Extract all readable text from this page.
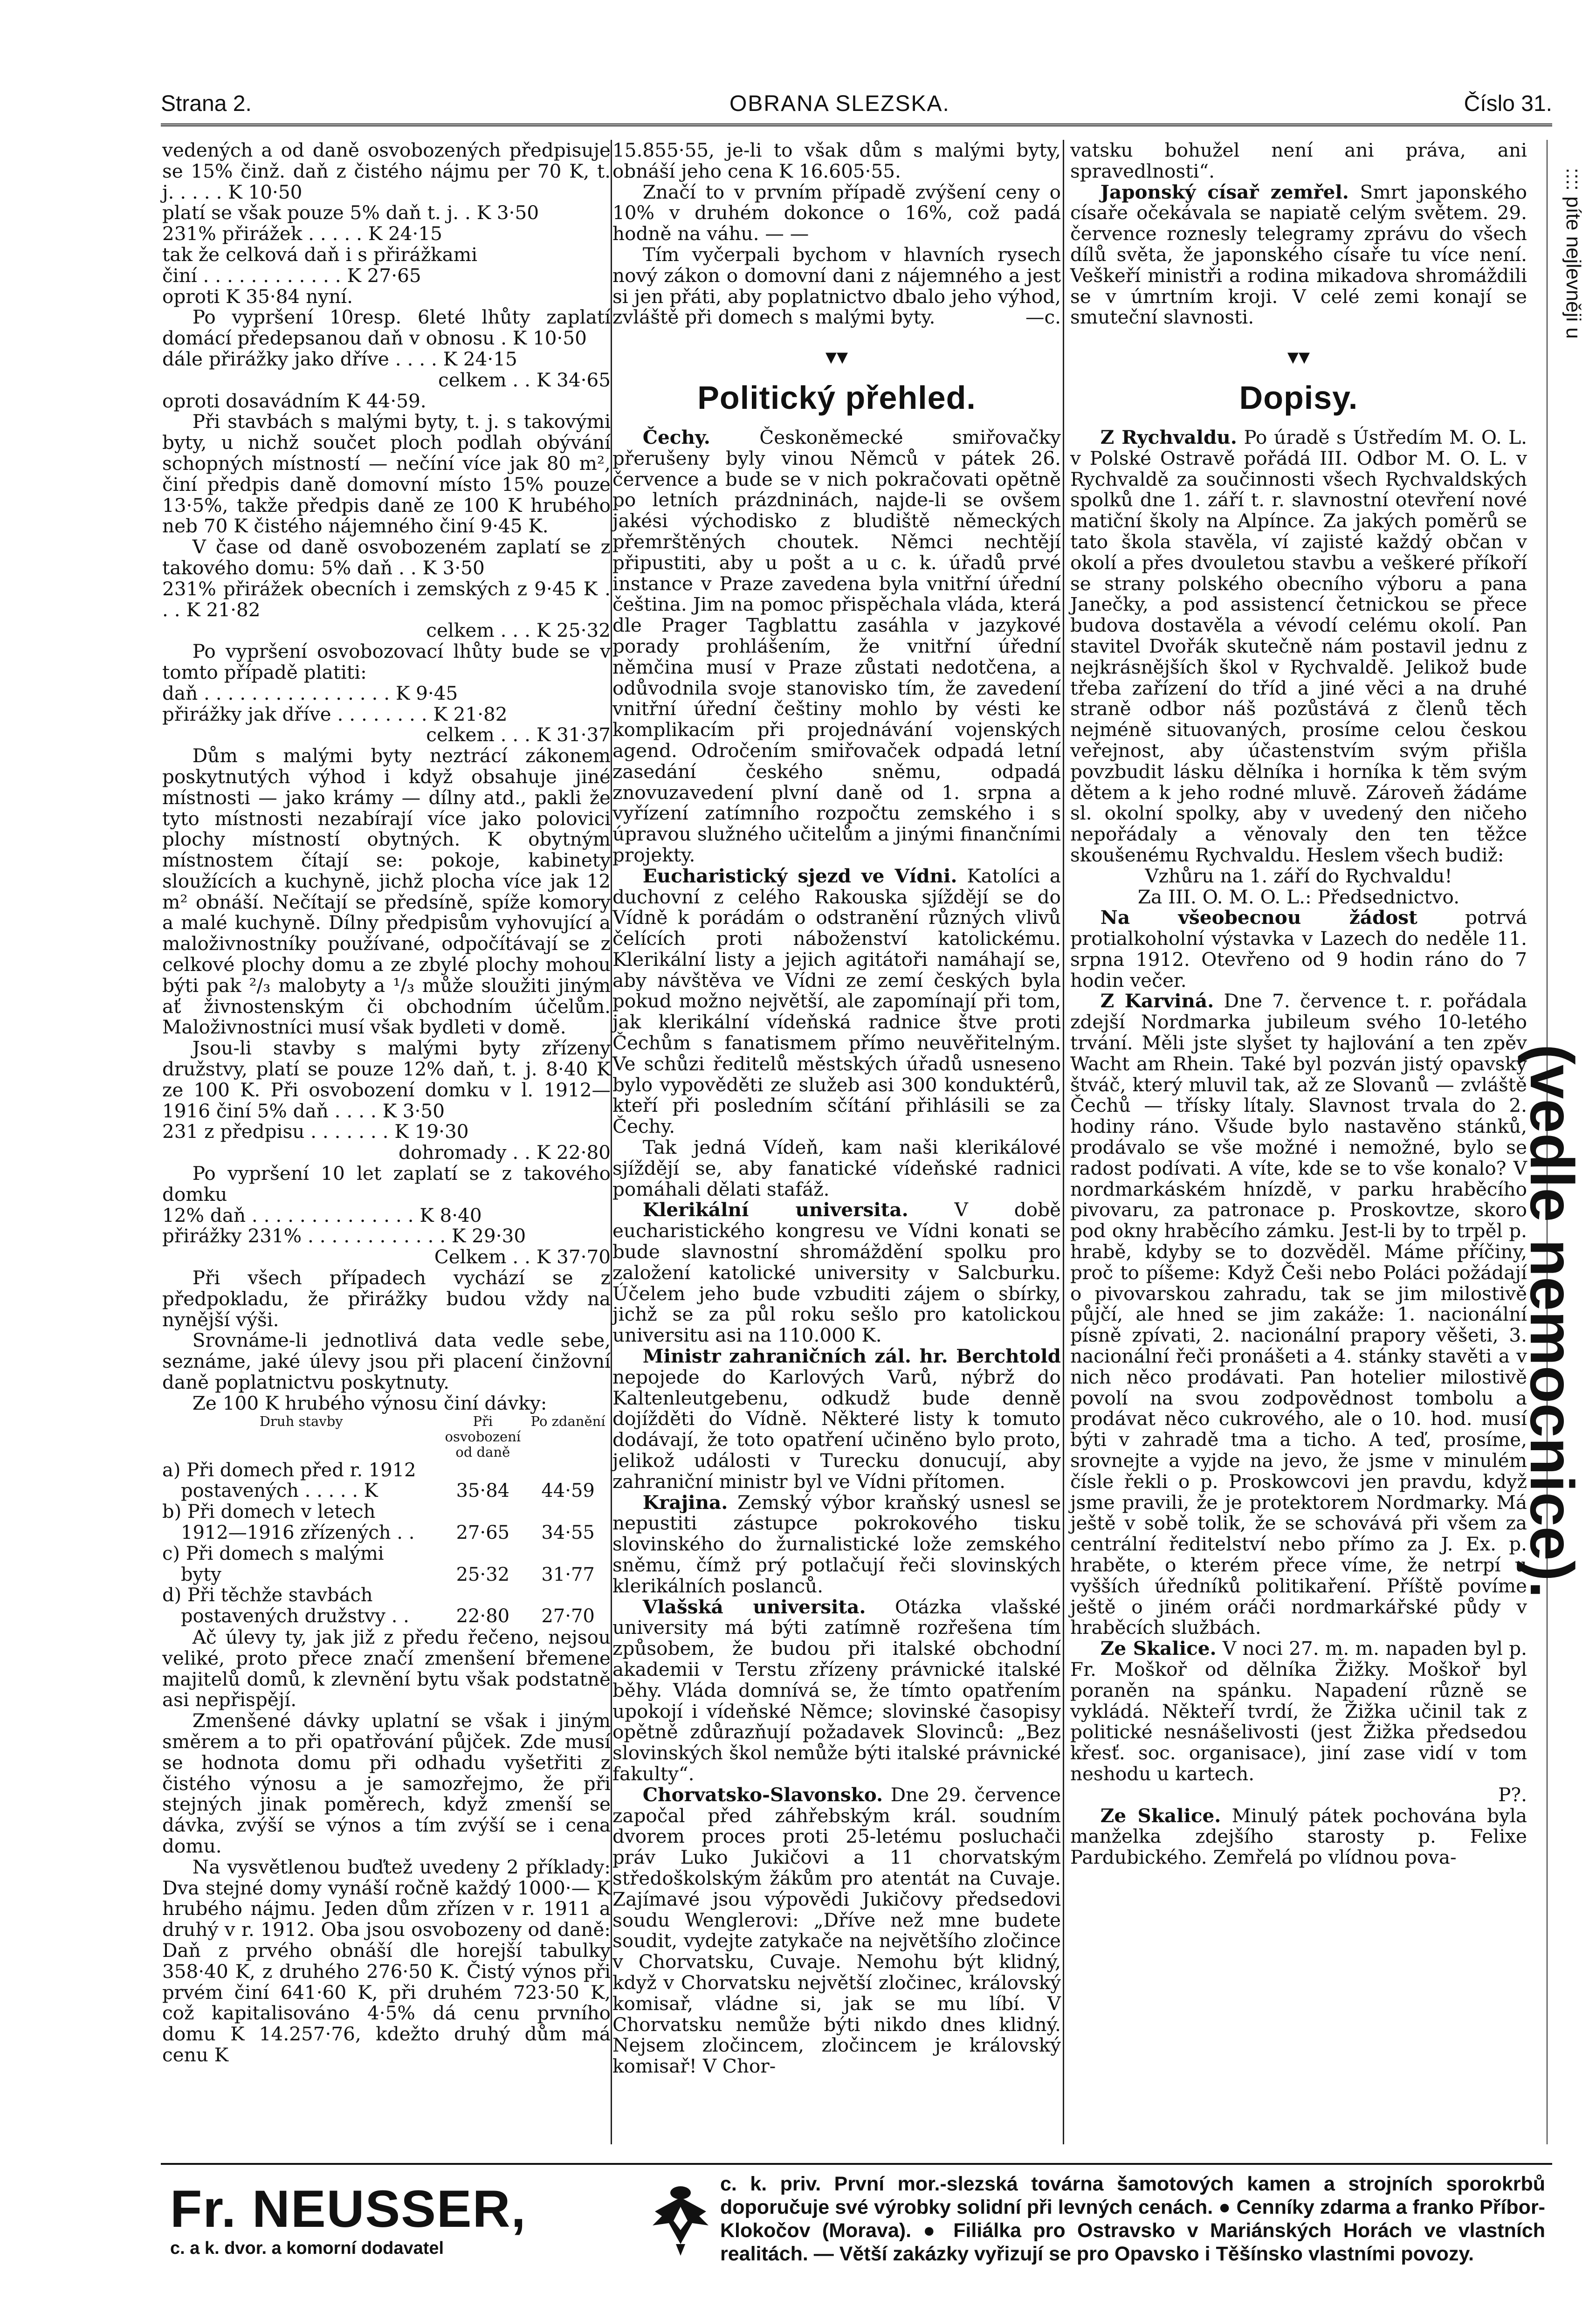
Strana 2.	OBRANA SLEZSKA.	Číslo 31.

vedených a od daně osvobozených předpisuje se 15% činž. daň z čistého nájmu per 70 K, t. j. . . . . K 10·50

platí se však pouze 5% daň t. j. . K 3·50

231% přirážek . . . . . K 24·15

tak že celková daň i s přirážkami

činí . . . . . . . . . . . . K 27·65

oproti K 35·84 nyní.

Po vypršení 10resp. 6leté lhůty zaplatí domácí předepsanou daň v obnosu . K 10·50

dále přirážky jako dříve . . . . K 24·15

celkem . . K 34·65

oproti dosavádním K 44·59.

Při stavbách s malými byty, t. j. s takovými byty, u nichž součet ploch podlah obývání schopných místností — nečíní více jak 80 m², činí předpis daně domovní místo 15% pouze 13·5%, takže předpis daně ze 100 K hrubého neb 70 K čistého nájemného činí 9·45 K.

V čase od daně osvobozeném zaplatí se z takového domu: 5% daň . . K 3·50

231% přirážek obecních i zemských z 9·45 K . . . K 21·82

celkem . . . K 25·32

Po vypršení osvobozovací lhůty bude se v tomto případě platiti:

daň . . . . . . . . . . . . . . . . K 9·45

přirážky jak dříve . . . . . . . . K 21·82

celkem . . . K 31·37

Dům s malými byty neztrácí zákonem poskytnutých výhod i když obsahuje jiné místnosti — jako krámy — dílny atd., pakli že tyto místnosti nezabírají více jako polovici plochy místností obytných. K obytným místnostem čítají se: pokoje, kabinety sloužících a kuchyně, jichž plocha více jak 12 m² obnáší. Nečítají se předsíně, spíže komory a malé kuchyně. Dílny předpisům vyhovující a maloživnostníky používané, odpočítávají se z celkové plochy domu a ze zbylé plochy mohou býti pak ²/₃ malobyty a ¹/₃ může sloužiti jiným ať živnostenským či obchodním účelům. Maloživnostníci musí však bydleti v domě.

Jsou-li stavby s malými byty zřízeny družstvy, platí se pouze 12% daň, t. j. 8·40 K ze 100 K. Při osvobození domku v l. 1912—1916 činí 5% daň . . . . K 3·50

231 z předpisu . . . . . . . K 19·30

dohromady . . K 22·80

Po vypršení 10 let zaplatí se z takového domku

12% daň . . . . . . . . . . . . . . K 8·40

přirážky 231% . . . . . . . . . . . . K 29·30

Celkem . . K 37·70

Při všech případech vychází se z předpokladu, že přirážky budou vždy na nynější výši.

Srovnáme-li jednotlivá data vedle sebe, seznáme, jaké úlevy jsou při placení činžovní daně poplatnictvu poskytnuty.

Ze 100 K hrubého výnosu činí dávky:

Druh stavby	Při osvobození od daně	Po zdanění
a) Při domech před r. 1912		
postavených . . . . . K	35·84	44·59
b) Při domech v letech		
1912—1916 zřízených . .	27·65	34·55
c) Při domech s malými		
byty	25·32	31·77
d) Při těchže stavbách		
postavených družstvy . .	22·80	27·70

Ač úlevy ty, jak již z předu řečeno, nejsou veliké, proto přece značí zmenšení břemene majitelů domů, k zlevnění bytu však podstatně asi nepřispějí.

Zmenšené dávky uplatní se však i jiným směrem a to při opatřování půjček. Zde musí se hodnota domu při odhadu vyšetřiti z čistého výnosu a je samozřejmo, že při stejných jinak poměrech, když zmenší se dávka, zvýší se výnos a tím zvýší se i cena domu.

Na vysvětlenou buďtež uvedeny 2 příklady: Dva stejné domy vynáší ročně každý 1000·— K hrubého nájmu. Jeden dům zřízen v r. 1911 a druhý v r. 1912. Oba jsou osvobozeny od daně: Daň z prvého obnáší dle horejší tabulky 358·40 K, z druhého 276·50 K. Čistý výnos při prvém činí 641·60 K, při druhém 723·50 K, což kapitalisováno 4·5% dá cenu prvního domu K 14.257·76, kdežto druhý dům má cenu K

15.855·55, je-li to však dům s malými byty, obnáší jeho cena K 16.605·55.

Značí to v prvním případě zvýšení ceny o 10% v druhém dokonce o 16%, což padá hodně na váhu. — —

Tím vyčerpali bychom v hlavních rysech nový zákon o domovní dani z nájemného a jest si jen přáti, aby poplatnictvo dbalo jeho výhod, zvláště při domech s malými byty.	—c.

▾▾
Politický přehled.

Čechy.	Českoněmecké smiřovačky přerušeny byly vinou Němců v pátek 26. července a bude se v nich pokračovati opětně po letních prázdninách, najde-li se ovšem jakési východisko z bludiště německých přemrštěných choutek. Němci nechtějí připustiti, aby u pošt a u c. k. úřadů prvé instance v Praze zavedena byla vnitřní úřední čeština. Jim na pomoc přispěchala vláda, která dle Prager Tagblattu zasáhla v jazykové porady prohlášením, že vnitřní úřední němčina musí v Praze zůstati nedotčena, a odůvodnila svoje stanovisko tím, že zavedení vnitřní úřední češtiny mohlo by vésti ke komplikacím při projednávání vojenských agend. Odročením smiřovaček odpadá letní zasedání českého sněmu, odpadá znovuzavedení plvní daně od 1. srpna a vyřízení zatímního rozpočtu zemského i s úpravou služného učitelům a jinými finančními projekty.

Eucharistický sjezd ve Vídni. Katolíci a duchovní z celého Rakouska sjíždějí se do Vídně k porádám o odstranění různých vlivů čelících proti náboženství katolickému. Klerikální listy a jejich agitátoři namáhají se, aby návštěva ve Vídni ze zemí českých byla pokud možno největší, ale zapomínají při tom, jak klerikální vídeňská radnice štve proti Čechům s fanatismem přímo neuvěřitelným. Ve schůzi ředitelů městských úřadů usneseno bylo vypověděti ze služeb asi 300 konduktérů, kteří při posledním sčítání přihlásili se za Čechy.

Tak jedná Vídeň, kam naši klerikálové sjíždějí se, aby fanatické vídeňské radnici pomáhali dělati stafáž.

Klerikální universita. V době eucharistického kongresu ve Vídni konati se bude slavnostní shromáždění spolku pro založení katolické university v Salcburku. Účelem jeho bude vzbuditi zájem o sbírky, jichž se za půl roku sešlo pro katolickou universitu asi na 110.000 K.

Ministr zahraničních zál. hr. Berchtold nepojede do Karlových Varů, nýbrž do Kaltenleutgebenu, odkudž bude denně dojížděti do Vídně. Některé listy k tomuto dodávají, že toto opatření učiněno bylo proto, jelikož události v Turecku donucují, aby zahraniční ministr byl ve Vídni přítomen.

Krajina. Zemský výbor kraňský usnesl se nepustiti zástupce pokrokového tisku slovinského do žurnalistické lože zemského sněmu, čímž prý potlačují řeči slovinských klerikálních poslanců.

Vlašská universita. Otázka vlašské university má býti zatímně rozřešena tím způsobem, že budou při italské obchodní akademii v Terstu zřízeny právnické italské běhy. Vláda domnívá se, že tímto opatřením upokojí i vídeňské Němce; slovinské časopisy opětně zdůrazňují požadavek Slovinců: „Bez slovinských škol nemůže býti italské právnické fakulty“.

Chorvatsko-Slavonsko. Dne 29. července započal před záhřebským král. soudním dvorem proces proti 25-letému posluchači práv Luko Jukičovi a 11 chorvatským středoškolským žákům pro atentát na Cuvaje. Zajímavé jsou výpovědi Jukičovy předsedovi soudu Wenglerovi: „Dříve než mne budete soudit, vydejte zatykače na největšího zločince v Chorvatsku, Cuvaje. Nemohu být klidný, když v Chorvatsku největší zločinec, královský komisař, vládne si, jak se mu líbí. V Chorvatsku nemůže býti nikdo dnes klidný. Nejsem zločincem, zločincem je královský komisař! V Chor-

vatsku bohužel není ani práva, ani spravedlnosti“.

Japonský císař zemřel. Smrt japonského císaře očekávala se napiatě celým světem. 29. července roznesly telegramy zprávu do všech dílů světa, že japonského císaře tu více není. Veškeří ministři a rodina mikadova shromáždili se v úmrtním kroji. V celé zemi konají se smuteční slavnosti.

▾▾
Dopisy.

Z Rychvaldu. Po úradě s Ústředím M. O. L. v Polské Ostravě pořádá III. Odbor M. O. L. v Rychvaldě za součinnosti všech Rychvaldských spolků dne 1. září t. r. slavnostní otevření nové matiční školy na Alpínce. Za jakých poměrů se tato škola stavěla, ví zajisté každý občan v okolí a přes dvouletou stavbu a veškeré příkoří se strany polského obecního výboru a pana Janečky, a pod assistencí četnickou se přece budova dostavěla a vévodí celému okolí. Pan stavitel Dvořák skutečně nám postavil jednu z nejkrásnějších škol v Rychvaldě. Jelikož bude třeba zařízení do tříd a jiné věci a na druhé straně odbor náš pozůstává z členů těch nejméně situovaných, prosíme celou českou veřejnost, aby účastenstvím svým přišla povzbudit lásku dělníka i horníka k těm svým dětem a k jeho rodné mluvě. Zároveň žádáme sl. okolní spolky, aby v uvedený den ničeho nepořádaly a věnovaly den ten těžce skoušenému Rychvaldu. Heslem všech budiž:

Vzhůru na 1. září do Rychvaldu!

Za III. O. M. O. L.: Předsednictvo.

Na všeobecnou žádost	potrvá protialkoholní výstavka v Lazech do neděle 11. srpna 1912. Otevřeno od 9 hodin ráno do 7 hodin večer.

Z Karviná. Dne 7. července t. r. pořádala zdejší Nordmarka jubileum svého 10-letého trvání. Měli jste slyšet ty hajlování a ten zpěv Wacht am Rhein. Také byl pozván jistý opavský štváč, který mluvil tak, až ze Slovanů — zvláště Čechů — třísky lítaly. Slavnost trvala do 2. hodiny ráno. Všude bylo nastavěno stánků, prodávalo se vše možné i nemožné, bylo se radost podívati. A víte, kde se to vše konalo? V nordmarkáském hnízdě, v parku hraběcího pivovaru, za patronace p. Proskovtze, skoro pod okny hraběcího zámku. Jest-li by to trpěl p. hrabě, kdyby se to dozvěděl. Máme příčiny, proč to píšeme: Když Češi nebo Poláci požádají o pivovarskou zahradu, tak se jim milostivě půjčí, ale hned se jim zakáže: 1. nacionální písně zpívati, 2. nacionální prapory věšeti, 3. nacionální řeči pronášeti a 4. stánky stavěti a v nich něco prodávati. Pan hotelier milostivě povolí na svou zodpovědnost tombolu a prodávat něco cukrového, ale o 10. hod. musí býti v zahradě tma a ticho. A teď, prosíme, srovnejte a vyjde na jevo, že jsme v minulém čísle řekli o p. Proskowcovi jen pravdu, když jsme pravili, že je protektorem Nordmarky. Má ještě v sobě tolik, že se schovává při všem za centrální ředitelství nebo přímo za J. Ex. p. hraběte, o kterém přece víme, že netrpí u vyšších úředníků politikaření. Příště povíme ještě o jiném oráči nordmarkářské půdy v hraběcích službách.

Ze Skalice. V noci 27. m. m. napaden byl p. Fr. Moškoř od dělníka Žižky. Moškoř byl poraněn na spánku. Napadení různě se vykládá. Někteří tvrdí, že Žižka učinil tak z politické nesnášelivosti (jest Žižka předsedou křesť. soc. organisace), jiní zase vidí v tom neshodu u kartech.

P?.

Ze Skalice. Minulý pátek pochována byla manželka zdejšího starosty p. Felixe Pardubického. Zemřelá po vlídnou pova-

:::: píte nejlevněji u
(vedle nemocnice).
Fr. NEUSSER,
c. a k. dvor. a komorní dodavatel
c. k. priv. První mor.-slezská továrna šamotových kamen a strojních sporokrbů doporučuje své výrobky solidní při levných cenách. ● Cenníky zdarma a franko Příbor-Klokočov (Morava). ● Filiálka pro Ostravsko v Mariánských Horách ve vlastních realitách. — Větší zakázky vyřizují se pro Opavsko i Těšínsko vlastními povozy.
